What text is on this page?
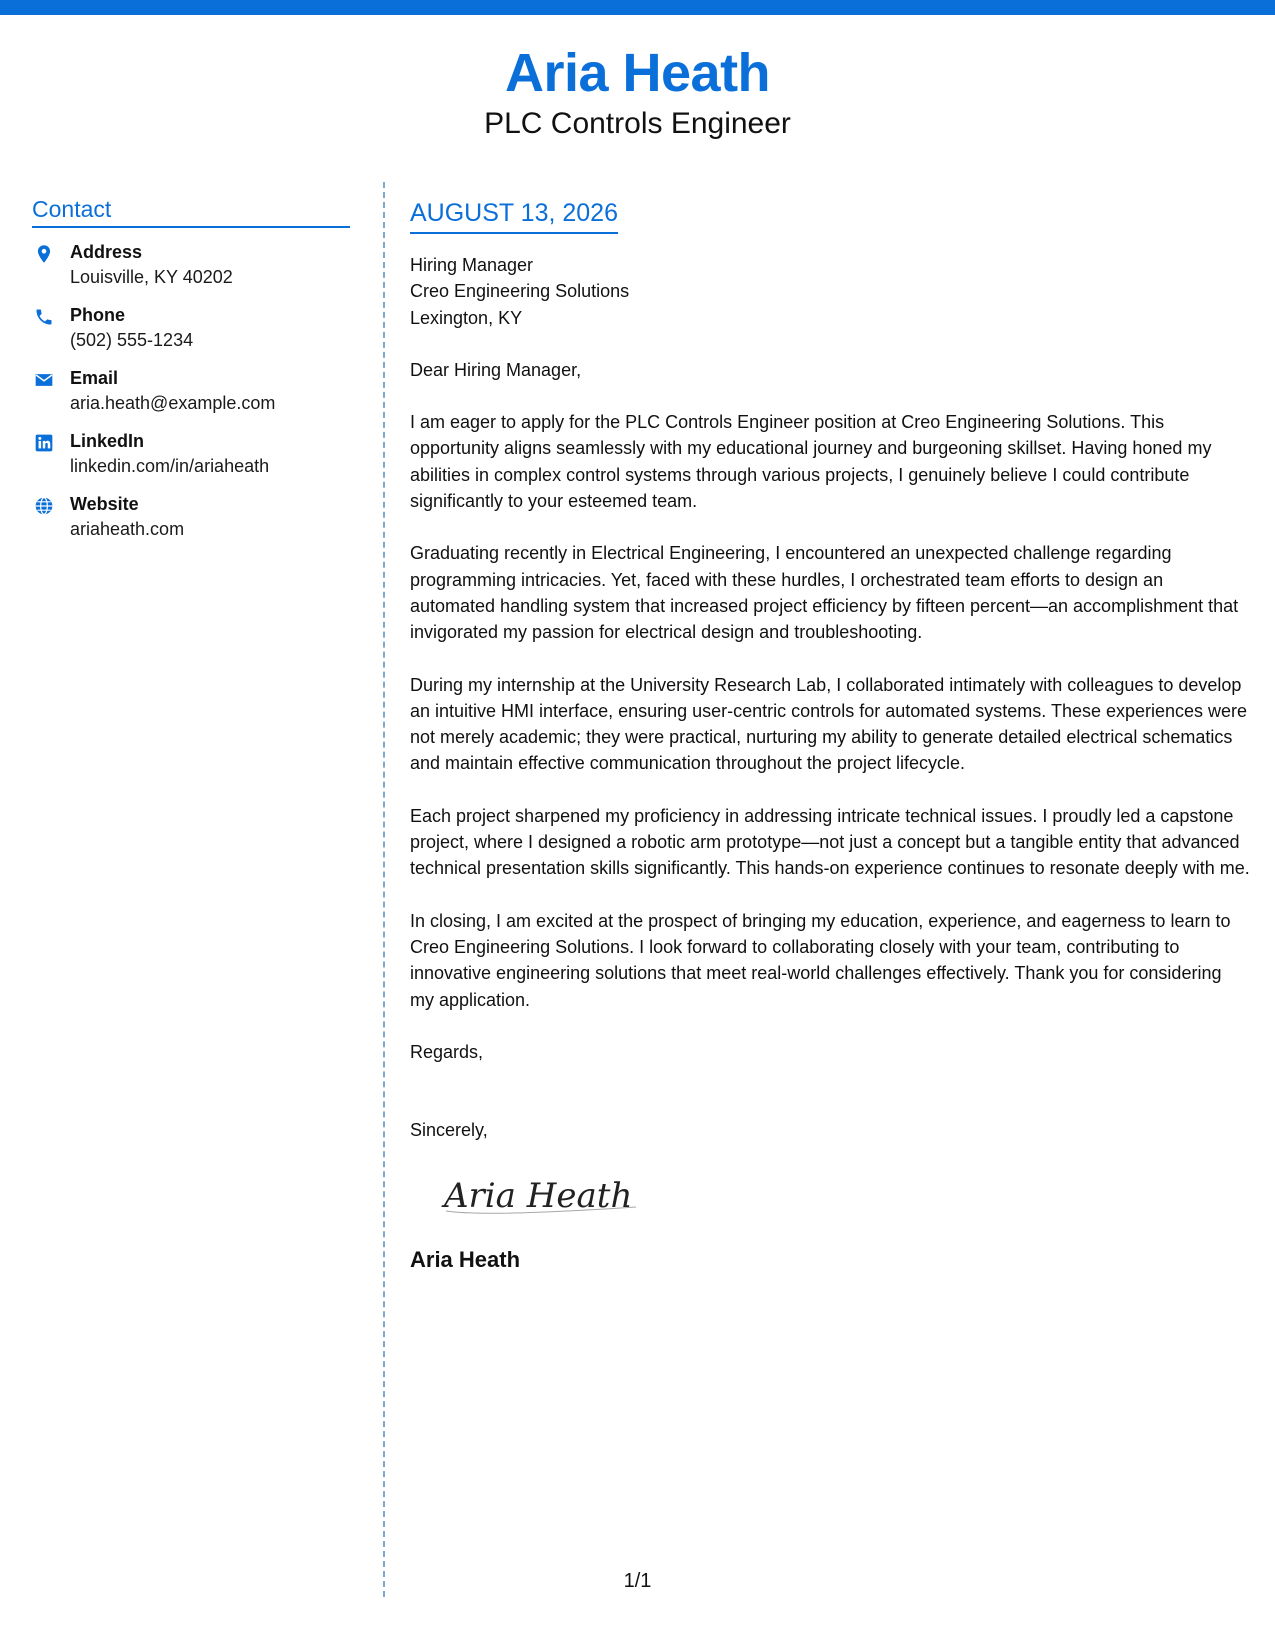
Aria Heath
PLC Controls Engineer
Contact
Address
Louisville, KY 40202
Phone
(502) 555-1234
Email
aria.heath@example.com
LinkedIn
linkedin.com/in/ariaheath
Website
ariaheath.com
AUGUST 13, 2026
Hiring Manager
Creo Engineering Solutions
Lexington, KY

Dear Hiring Manager,

I am eager to apply for the PLC Controls Engineer position at Creo Engineering Solutions. This opportunity aligns seamlessly with my educational journey and burgeoning skillset. Having honed my abilities in complex control systems through various projects, I genuinely believe I could contribute significantly to your esteemed team.

Graduating recently in Electrical Engineering, I encountered an unexpected challenge regarding programming intricacies. Yet, faced with these hurdles, I orchestrated team efforts to design an automated handling system that increased project efficiency by fifteen percent—an accomplishment that invigorated my passion for electrical design and troubleshooting.

During my internship at the University Research Lab, I collaborated intimately with colleagues to develop an intuitive HMI interface, ensuring user-centric controls for automated systems. These experiences were not merely academic; they were practical, nurturing my ability to generate detailed electrical schematics and maintain effective communication throughout the project lifecycle.

Each project sharpened my proficiency in addressing intricate technical issues. I proudly led a capstone project, where I designed a robotic arm prototype—not just a concept but a tangible entity that advanced technical presentation skills significantly. This hands-on experience continues to resonate deeply with me.

In closing, I am excited at the prospect of bringing my education, experience, and eagerness to learn to Creo Engineering Solutions. I look forward to collaborating closely with your team, contributing to innovative engineering solutions that meet real-world challenges effectively. Thank you for considering my application.

Regards,

Sincerely,

Aria Heath
Aria Heath
1/1
